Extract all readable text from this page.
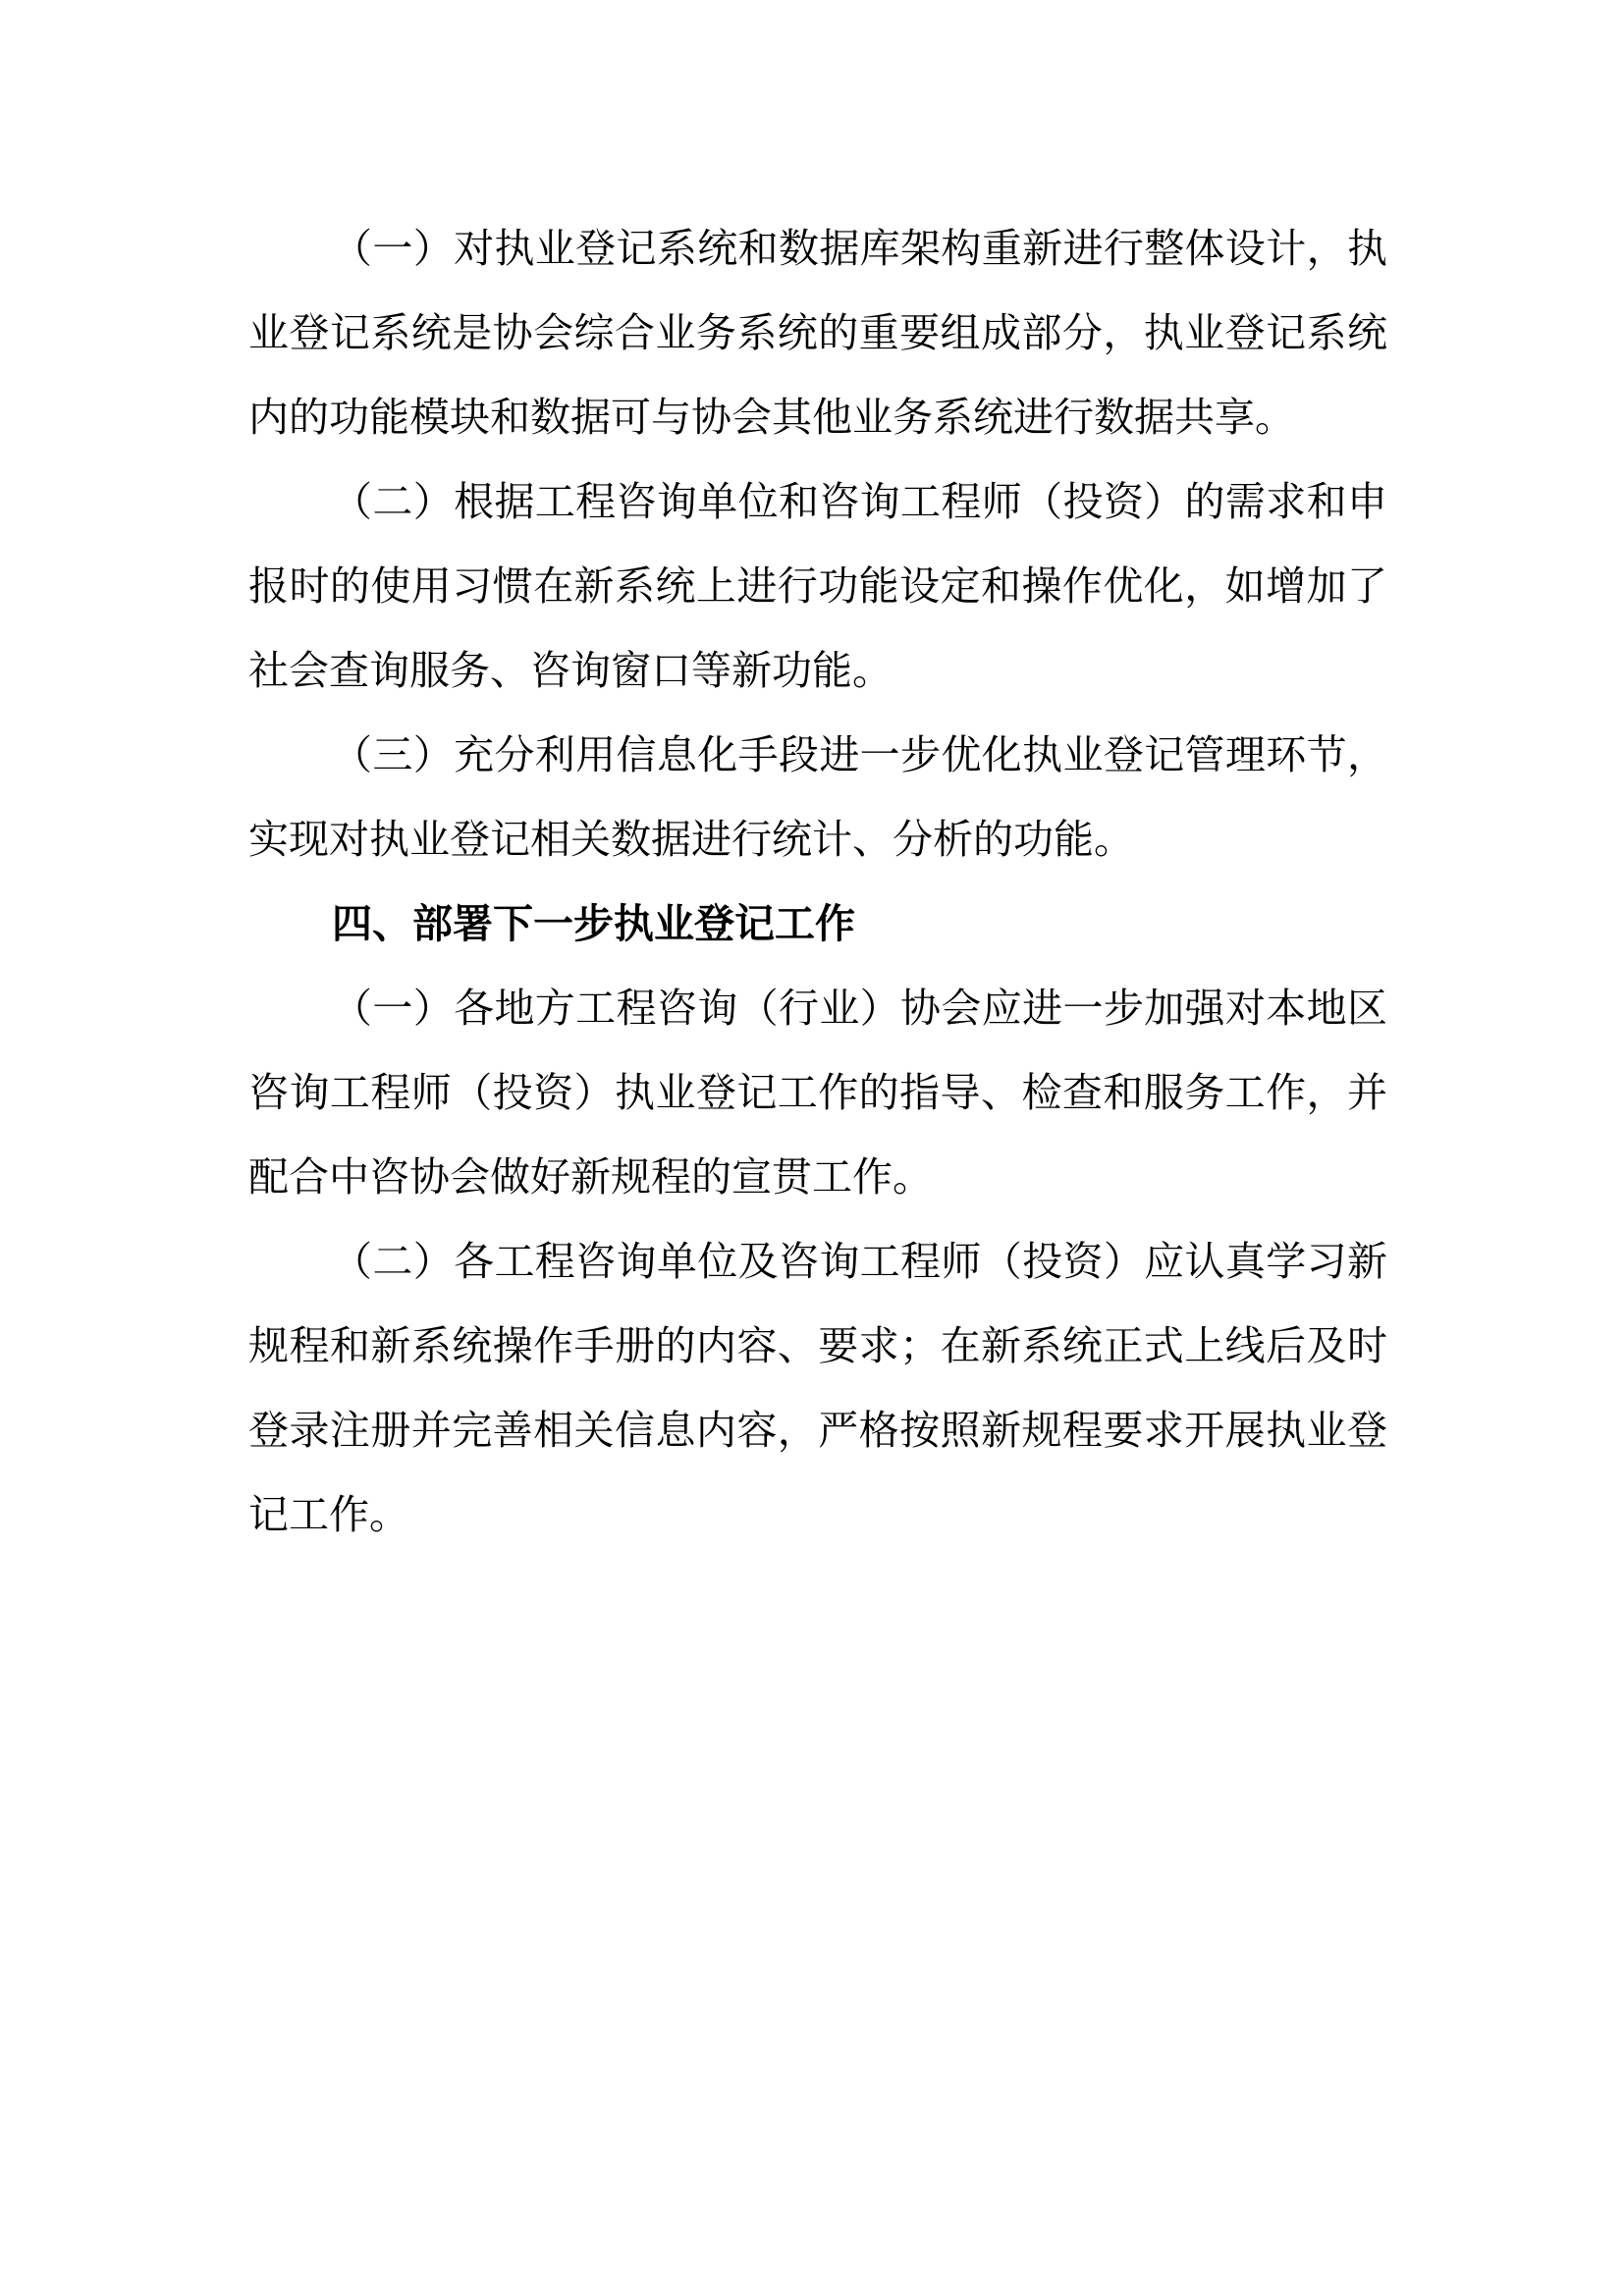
（一）对执业登记系统和数据库架构重新进行整体设计，执
业登记系统是协会综合业务系统的重要组成部分，执业登记系统
内的功能模块和数据可与协会其他业务系统进行数据共享。
（二）根据工程咨询单位和咨询工程师（投资）的需求和申
报时的使用习惯在新系统上进行功能设定和操作优化，如增加了
社会查询服务、咨询窗口等新功能。
（三）充分利用信息化手段进一步优化执业登记管理环节，
实现对执业登记相关数据进行统计、分析的功能。
四、部署下一步执业登记工作
（一）各地方工程咨询（行业）协会应进一步加强对本地区
咨询工程师（投资）执业登记工作的指导、检查和服务工作，并
配合中咨协会做好新规程的宣贯工作。
（二）各工程咨询单位及咨询工程师（投资）应认真学习新
规程和新系统操作手册的内容、要求；在新系统正式上线后及时
登录注册并完善相关信息内容，严格按照新规程要求开展执业登
记工作。
